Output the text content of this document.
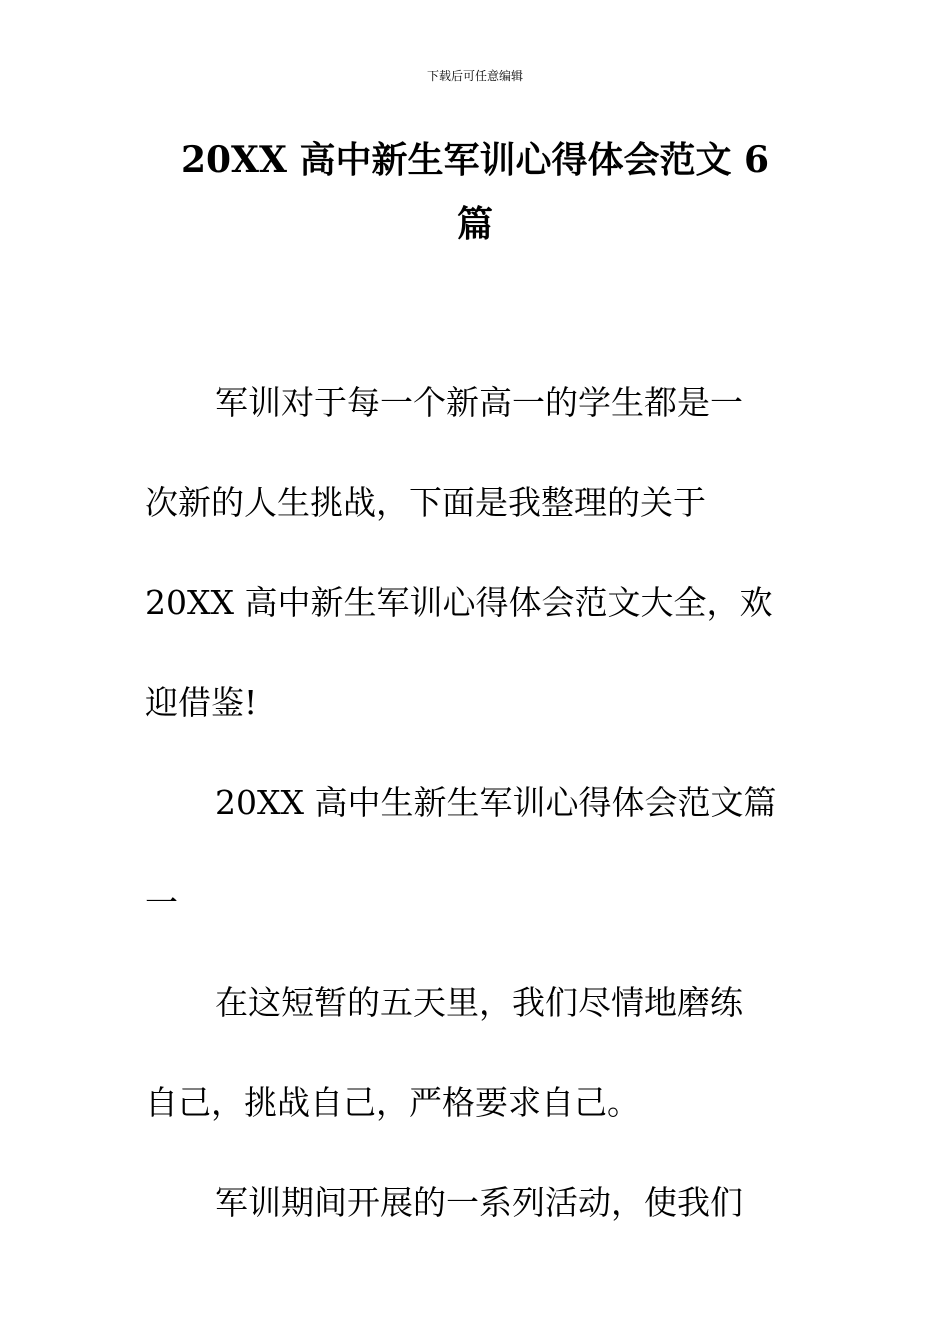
下载后可任意编辑
20XX 高中新生军训心得体会范文 6
篇
军训对于每一个新高一的学生都是一
次新的人生挑战，下面是我整理的关于
20XX 高中新生军训心得体会范文大全，欢
迎借鉴!
20XX 高中生新生军训心得体会范文篇
一
在这短暂的五天里，我们尽情地磨练
自己，挑战自己，严格要求自己。
军训期间开展的一系列活动，使我们
